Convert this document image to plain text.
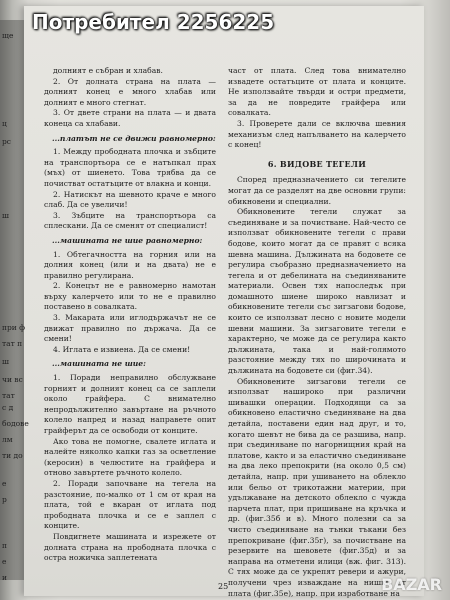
Потребител 2256225
ще
ц
pc
ш
при ф
тат п
ш
чи вс
тат
с д
бодове
лм
ти до
е
р
п
е
и

долният е събран и хлабав.

2. От долната страна на плата — долният конец е много хлабав или долният е много стегнат.

3. От двете страни на плата — и двата конеца са хлабави.

...платът не се движи равномерно:

1. Между прободната плочка и зъбците на транспортьора се е натъпкал прах (мъх) от шиенето. Това трябва да се почистват остатъците от влакна и конци.

2. Натискът на шевното краче е много слаб. Да се увеличи!

3. Зъбците на транспортьора са сплескани. Да се сменят от специалист!

...машината не шие равномерно:

1. Обтегачността на горния или на долния конец (или и на двата) не е правилно регулирана.

2. Конецът не е равномерно намотан върху калерчето или то не е правилно поставено в совалката.

3. Макарата или иглодържачът не се движат правилно по държача. Да се смени!

4. Иглата е извиена. Да се смени!

...машината не шие:

1. Поради неправилно обслужване горният и долният конец са се заплели около грайфера. С внимателно непродължително завъртане на ръчното колело напред и назад направете опит грайферът да се освободи от конците.

Ако това не помогне, свалете иглата и налейте няколко капки газ за осветление (керосин) в челюстите на грайфера и отново завъртете ръчното колело.

2. Поради започване на тегела на разстояние, по-малко от 1 см от края на плата, той е вкаран от иглата под прободната плочка и се е заплел с конците.

Повдигнете машината и изрежете от долната страна на прободната плочка с остра ножичка заплетената

част от плата. След това внимателно извадете остатъците от плата и конците. Не използвайте твърди и остри предмети, за да не повредите грайфера или совалката.

3. Проверете дали се включва шевния механизъм след напълването на калерчето с конец!

6. ВИДОВЕ ТЕГЕЛИ

Според предназначението си тегелите могат да се разделят на две основни групи: обикновени и специални.

Обикновените тегели служат за съединяване и за почистване. Най-често се използват обикновените тегели с прави бодове, които могат да се правят с всяка шевна машина. Дължината на бодовете се регулира съобразно предназначението на тегела и от дебелината на съединяваните материали. Освен тях напоследък при домашното шиене широко навлизат и обикновените тегели със зигзагови бодове, които се използват лесно с новите модели шевни машини. За зигзаговите тегели е характерно, че може да се регулира както дължината, така и най-голямото разстояние между тях по широчината и дължината на бодовете си (фиг.34).

Обикновените зигзагови тегели се използват нашироко при различни шивашки операции. Подходящи са за обикновено еластично съединяване на два детайла, поставени един над друг, и то, когато шевът не бива да се разшива, напр. при съединяване по нагорнищния край на платове, както и за еластично съединяване на два леко препокрити (на около 0,5 см) детайла, напр. при ушиването на облекло или бельо от трикотажни материи, при удължаване на детското облекло с чужда парчета плат, при пришиване на кръчка и др. (фиг.35б и в). Много полезни са за чисто съединяване на тънки тъкани без препокриване (фиг.35г), за почистване на резервите на шевовете (фиг.35д) и за направа на отметени илици (вж. фиг. 313). С тях може да се укрепят ревери и ажури, получени чрез изваждане на нишки от плата (фиг.35е), напр. при изработване на

25	BAZAR
